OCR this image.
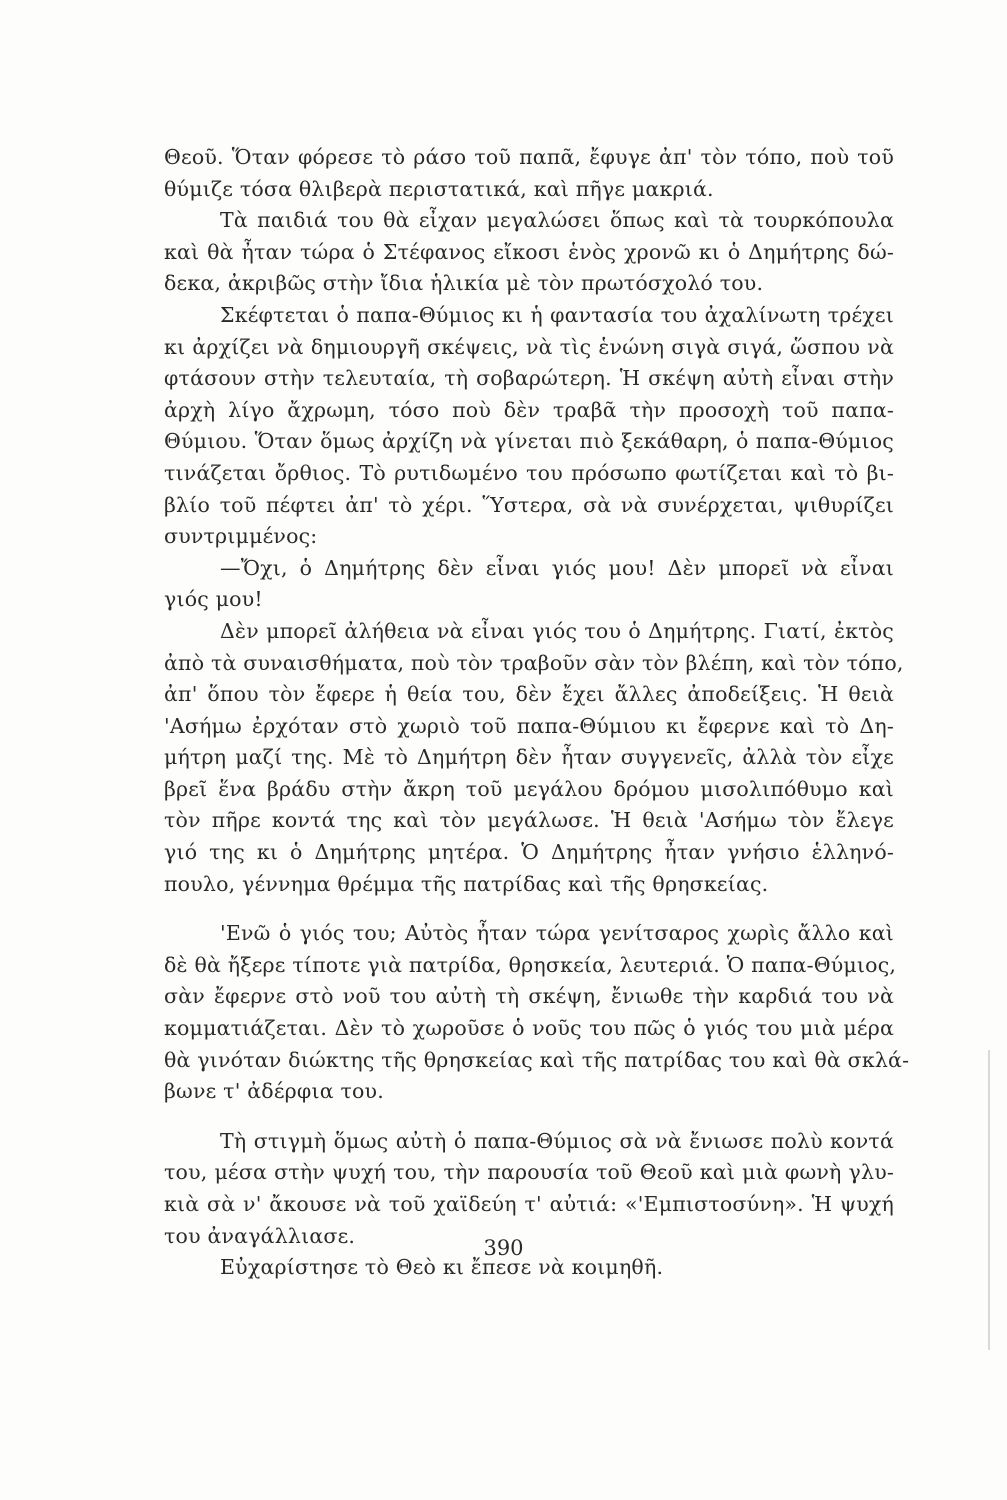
Θεοῦ. Ὅταν φόρεσε τὸ ράσο τοῦ παπᾶ, ἔφυγε ἀπ' τὸν τόπο, ποὺ τοῦ
θύμιζε τόσα θλιβερὰ περιστατικά, καὶ πῆγε μακριά.
Τὰ παιδιά του θὰ εἶχαν μεγαλώσει ὅπως καὶ τὰ τουρκόπουλα
καὶ θὰ ἦταν τώρα ὁ Στέφανος εἴκοσι ἑνὸς χρονῶ κι ὁ Δημήτρης δώ-
δεκα, ἀκριβῶς στὴν ἴδια ἡλικία μὲ τὸν πρωτόσχολό του.
Σκέφτεται ὁ παπα-Θύμιος κι ἡ φαντασία του ἀχαλίνωτη τρέχει
κι ἀρχίζει νὰ δημιουργῆ σκέψεις, νὰ τὶς ἑνώνη σιγὰ σιγά, ὥσπου νὰ
φτάσουν στὴν τελευταία, τὴ σοβαρώτερη. Ἡ σκέψη αὐτὴ εἶναι στὴν
ἀρχὴ λίγο ἄχρωμη, τόσο ποὺ δὲν τραβᾶ τὴν προσοχὴ τοῦ παπα-
Θύμιου. Ὅταν ὅμως ἀρχίζη νὰ γίνεται πιὸ ξεκάθαρη, ὁ παπα-Θύμιος
τινάζεται ὄρθιος. Τὸ ρυτιδωμένο του πρόσωπο φωτίζεται καὶ τὸ βι-
βλίο τοῦ πέφτει ἀπ' τὸ χέρι. Ὕστερα, σὰ νὰ συνέρχεται, ψιθυρίζει
συντριμμένος:
—Ὄχι, ὁ Δημήτρης δὲν εἶναι γιός μου! Δὲν μπορεῖ νὰ εἶναι
γιός μου!
Δὲν μπορεῖ ἀλήθεια νὰ εἶναι γιός του ὁ Δημήτρης. Γιατί, ἐκτὸς
ἀπὸ τὰ συναισθήματα, ποὺ τὸν τραβοῦν σὰν τὸν βλέπη, καὶ τὸν τόπο,
ἀπ' ὅπου τὸν ἔφερε ἡ θεία του, δὲν ἔχει ἄλλες ἀποδείξεις. Ἡ θειὰ
'Ασήμω ἐρχόταν στὸ χωριὸ τοῦ παπα-Θύμιου κι ἔφερνε καὶ τὸ Δη-
μήτρη μαζί της. Μὲ τὸ Δημήτρη δὲν ἦταν συγγενεῖς, ἀλλὰ τὸν εἶχε
βρεῖ ἕνα βράδυ στὴν ἄκρη τοῦ μεγάλου δρόμου μισολιπόθυμο καὶ
τὸν πῆρε κοντά της καὶ τὸν μεγάλωσε. Ἡ θειὰ 'Ασήμω τὸν ἔλεγε
γιό της κι ὁ Δημήτρης μητέρα. Ὁ Δημήτρης ἦταν γνήσιο ἑλληνό-
πουλο, γέννημα θρέμμα τῆς πατρίδας καὶ τῆς θρησκείας.
'Ενῶ ὁ γιός του; Αὐτὸς ἦταν τώρα γενίτσαρος χωρὶς ἄλλο καὶ
δὲ θὰ ἤξερε τίποτε γιὰ πατρίδα, θρησκεία, λευτεριά. Ὁ παπα-Θύμιος,
σὰν ἔφερνε στὸ νοῦ του αὐτὴ τὴ σκέψη, ἔνιωθε τὴν καρδιά του νὰ
κομματιάζεται. Δὲν τὸ χωροῦσε ὁ νοῦς του πῶς ὁ γιός του μιὰ μέρα
θὰ γινόταν διώκτης τῆς θρησκείας καὶ τῆς πατρίδας του καὶ θὰ σκλά-
βωνε τ' ἀδέρφια του.
Τὴ στιγμὴ ὅμως αὐτὴ ὁ παπα-Θύμιος σὰ νὰ ἔνιωσε πολὺ κοντά
του, μέσα στὴν ψυχή του, τὴν παρουσία τοῦ Θεοῦ καὶ μιὰ φωνὴ γλυ-
κιὰ σὰ ν' ἄκουσε νὰ τοῦ χαϊδεύη τ' αὐτιά: «'Εμπιστοσύνη». Ἡ ψυχή
του ἀναγάλλιασε.
Εὐχαρίστησε τὸ Θεὸ κι ἔπεσε νὰ κοιμηθῆ.
390
